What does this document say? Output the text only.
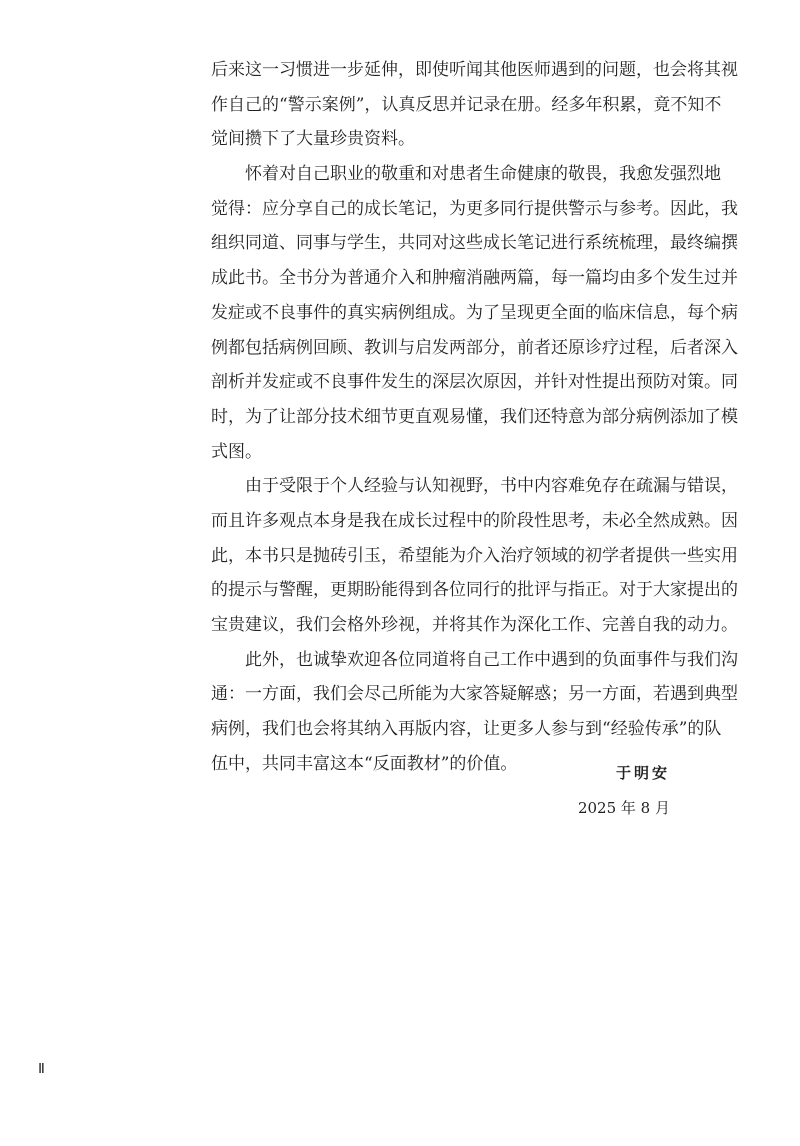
后来这一习惯进一步延伸，即使听闻其他医师遇到的问题，也会将其视
作自己的“警示案例”，认真反思并记录在册。经多年积累，竟不知不
觉间攒下了大量珍贵资料。
怀着对自己职业的敬重和对患者生命健康的敬畏，我愈发强烈地
觉得：应分享自己的成长笔记，为更多同行提供警示与参考。因此，我
组织同道、同事与学生，共同对这些成长笔记进行系统梳理，最终编撰
成此书。全书分为普通介入和肿瘤消融两篇，每一篇均由多个发生过并
发症或不良事件的真实病例组成。为了呈现更全面的临床信息，每个病
例都包括病例回顾、教训与启发两部分，前者还原诊疗过程，后者深入
剖析并发症或不良事件发生的深层次原因，并针对性提出预防对策。同
时，为了让部分技术细节更直观易懂，我们还特意为部分病例添加了模
式图。
由于受限于个人经验与认知视野，书中内容难免存在疏漏与错误，
而且许多观点本身是我在成长过程中的阶段性思考，未必全然成熟。因
此，本书只是抛砖引玉，希望能为介入治疗领域的初学者提供一些实用
的提示与警醒，更期盼能得到各位同行的批评与指正。对于大家提出的
宝贵建议，我们会格外珍视，并将其作为深化工作、完善自我的动力。
此外，也诚挚欢迎各位同道将自己工作中遇到的负面事件与我们沟
通：一方面，我们会尽己所能为大家答疑解惑；另一方面，若遇到典型
病例，我们也会将其纳入再版内容，让更多人参与到“经验传承”的队
伍中，共同丰富这本“反面教材”的价值。	于明安
2025 年 8 月
Ⅱ
